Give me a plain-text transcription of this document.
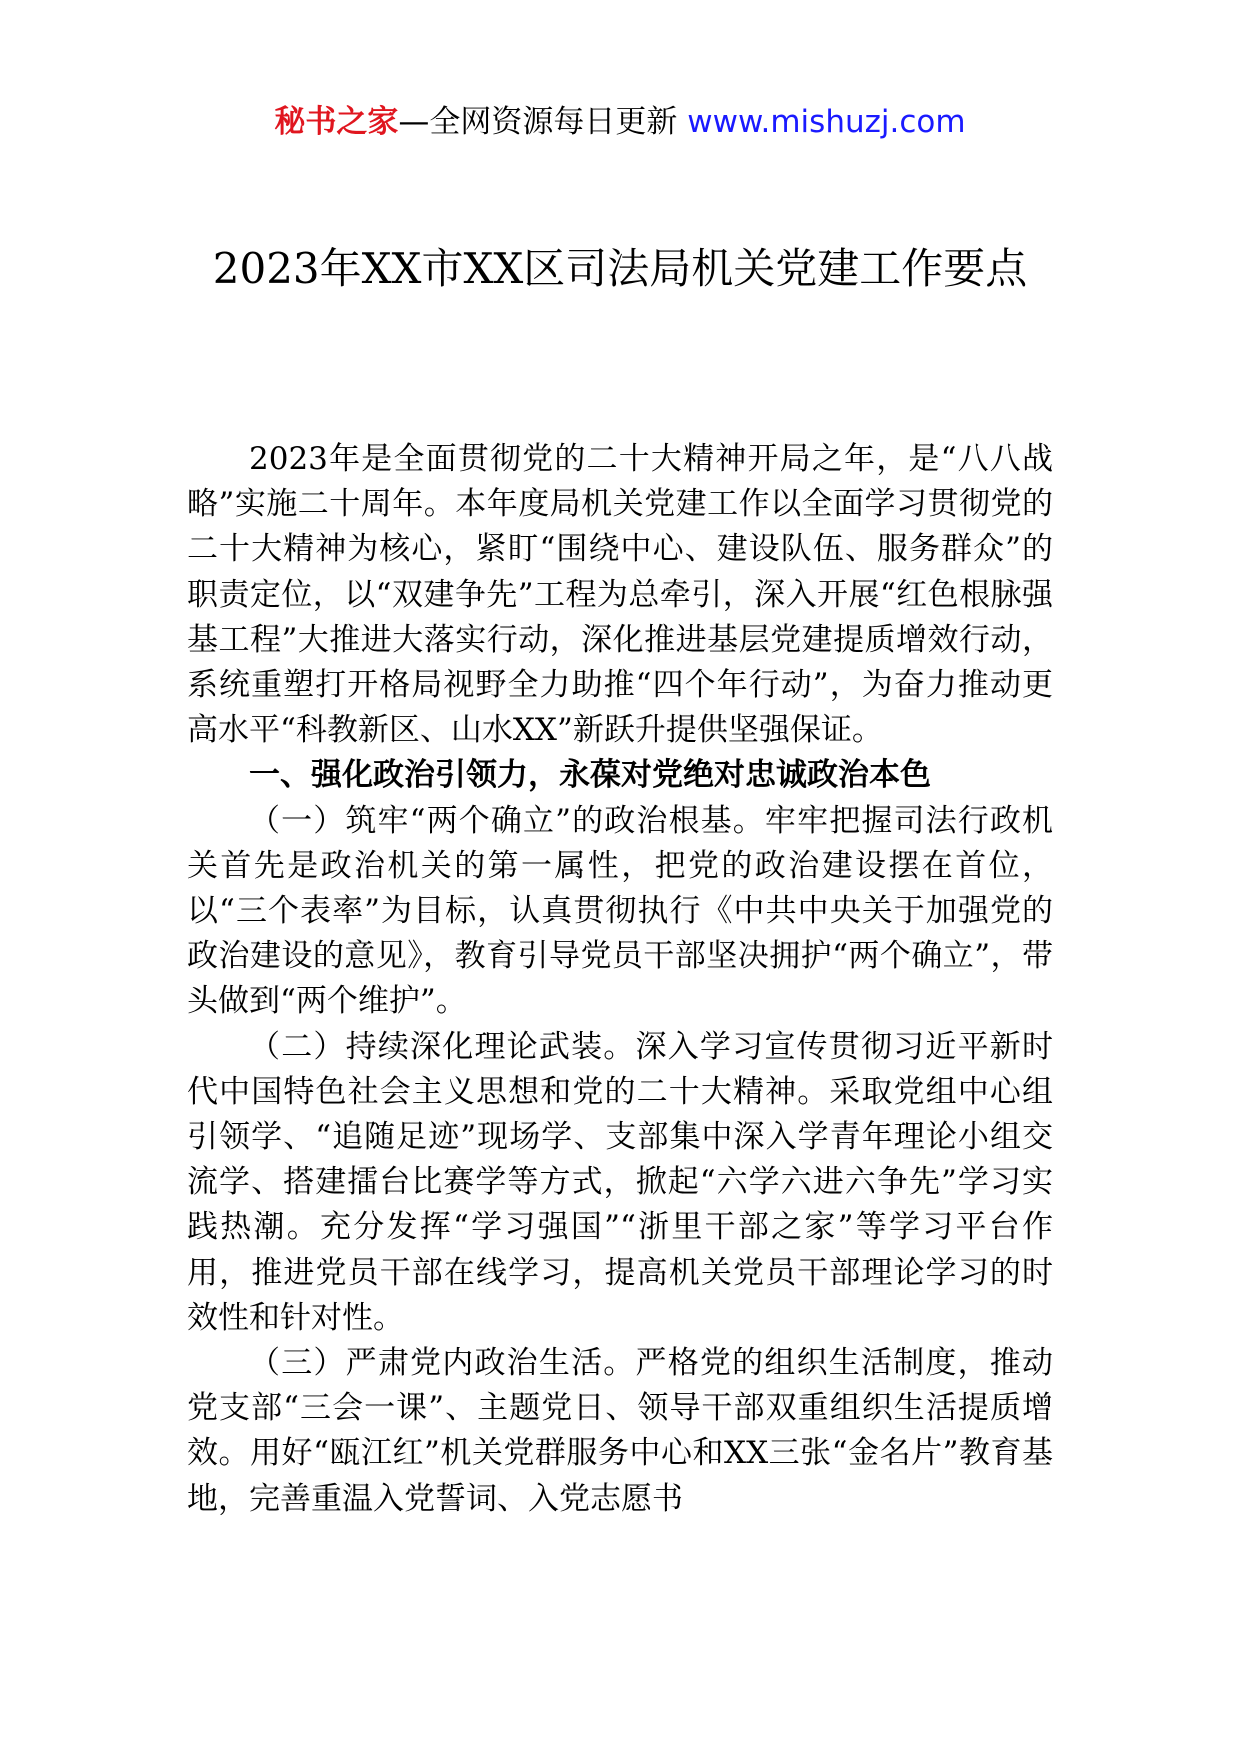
秘书之家—全网资源每日更新 www.mishuzj.com
2023年XX市XX区司法局机关党建工作要点

2023年是全面贯彻党的二十大精神开局之年，是“八八战略”实施二十周年。本年度局机关党建工作以全面学习贯彻党的二十大精神为核心，紧盯“围绕中心、建设队伍、服务群众”的职责定位，以“双建争先”工程为总牵引，深入开展“红色根脉强基工程”大推进大落实行动，深化推进基层党建提质增效行动，系统重塑打开格局视野全力助推“四个年行动”，为奋力推动更高水平“科教新区、山水XX”新跃升提供坚强保证。

一、强化政治引领力，永葆对党绝对忠诚政治本色

（一）筑牢“两个确立”的政治根基。牢牢把握司法行政机关首先是政治机关的第一属性，把党的政治建设摆在首位，以“三个表率”为目标，认真贯彻执行《中共中央关于加强党的政治建设的意见》，教育引导党员干部坚决拥护“两个确立”，带头做到“两个维护”。

（二）持续深化理论武装。深入学习宣传贯彻习近平新时代中国特色社会主义思想和党的二十大精神。采取党组中心组引领学、“追随足迹”现场学、支部集中深入学青年理论小组交流学、搭建擂台比赛学等方式，掀起“六学六进六争先”学习实践热潮。充分发挥“学习强国”“浙里干部之家”等学习平台作用，推进党员干部在线学习，提高机关党员干部理论学习的时效性和针对性。

（三）严肃党内政治生活。严格党的组织生活制度，推动党支部“三会一课”、主题党日、领导干部双重组织生活提质增效。用好“瓯江红”机关党群服务中心和XX三张“金名片”教育基地，完善重温入党誓词、入党志愿书
